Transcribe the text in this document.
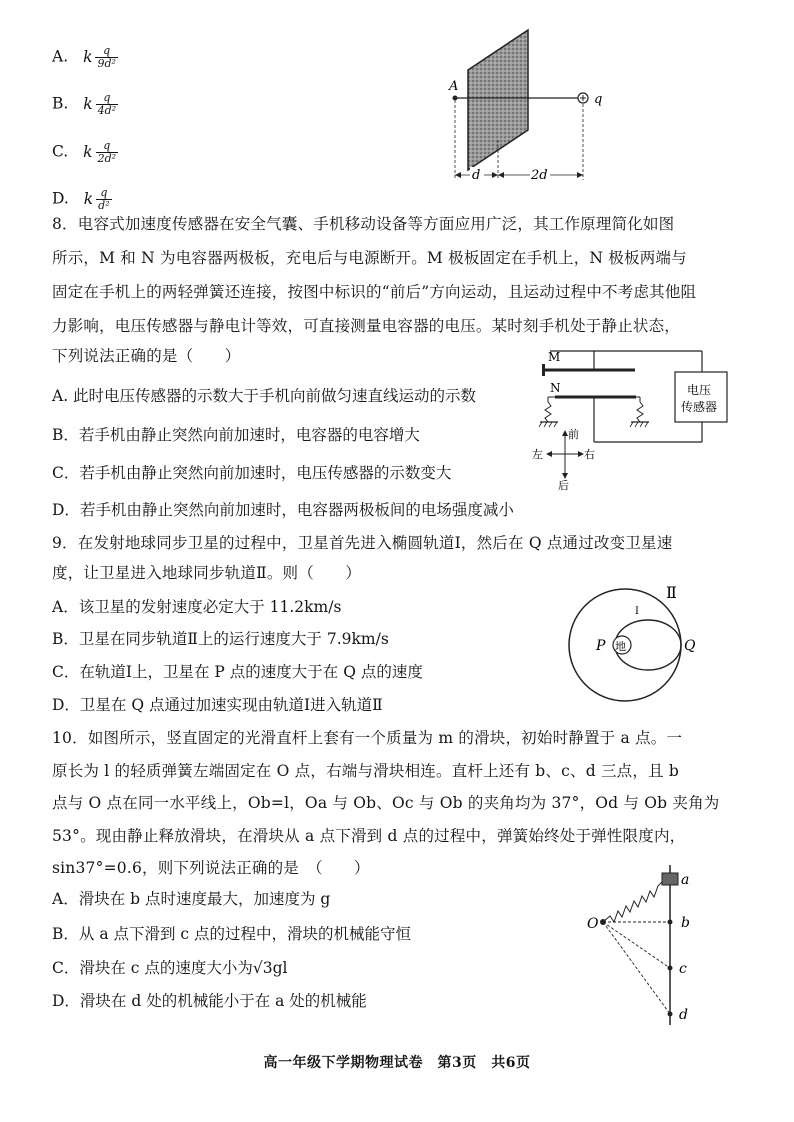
A. k $\frac{q}{\text{9d²}}$
B. k $\frac{q}{\text{4d²}}$
C. k $\frac{q}{\text{2d²}}$
D. k $\frac{q}{\text{d²}}$
A
q
d	2d
8．电容式加速度传感器在安全气囊、手机移动设备等方面应用广泛，其工作原理简化如图
所示，M 和 N 为电容器两极板，充电后与电源断开。M 极板固定在手机上，N 极板两端与
固定在手机上的两轻弹簧还连接，按图中标识的“前后”方向运动，且运动过程中不考虑其他阻
力影响，电压传感器与静电计等效，可直接测量电容器的电压。某时刻手机处于静止状态，
下列说法正确的是（　　）
A. 此时电压传感器的示数大于手机向前做匀速直线运动的示数
B．若手机由静止突然向前加速时，电容器的电容增大
C．若手机由静止突然向前加速时，电压传感器的示数变大
D．若手机由静止突然向前加速时，电容器两极板间的电场强度减小
M
N	电压
传感器
前
后
左	右
9．在发射地球同步卫星的过程中，卫星首先进入椭圆轨道Ⅰ，然后在 Q 点通过改变卫星速
度，让卫星进入地球同步轨道Ⅱ。则（　　）
A．该卫星的发射速度必定大于 11.2km/s
B．卫星在同步轨道Ⅱ上的运行速度大于 7.9km/s
C．在轨道Ⅰ上，卫星在 P 点的速度大于在 Q 点的速度
D．卫星在 Q 点通过加速实现由轨道Ⅰ进入轨道Ⅱ
地
Ⅱ
Ⅰ
P	Q
10．如图所示，竖直固定的光滑直杆上套有一个质量为 m 的滑块，初始时静置于 a 点。一
原长为 l 的轻质弹簧左端固定在 O 点，右端与滑块相连。直杆上还有 b、c、d 三点，且 b
点与 O 点在同一水平线上，Ob=l，Oa 与 Ob、Oc 与 Ob 的夹角均为 37°，Od 与 Ob 夹角为
53°。现由静止释放滑块，在滑块从 a 点下滑到 d 点的过程中，弹簧始终处于弹性限度内，
sin37°=0.6，则下列说法正确的是　（　　）
A．滑块在 b 点时速度最大，加速度为 g
B．从 a 点下滑到 c 点的过程中，滑块的机械能守恒
C．滑块在 c 点的速度大小为√3gl
D．滑块在 d 处的机械能小于在 a 处的机械能
O
a
b
c
d
高一年级下学期物理试卷　第3页　共6页
